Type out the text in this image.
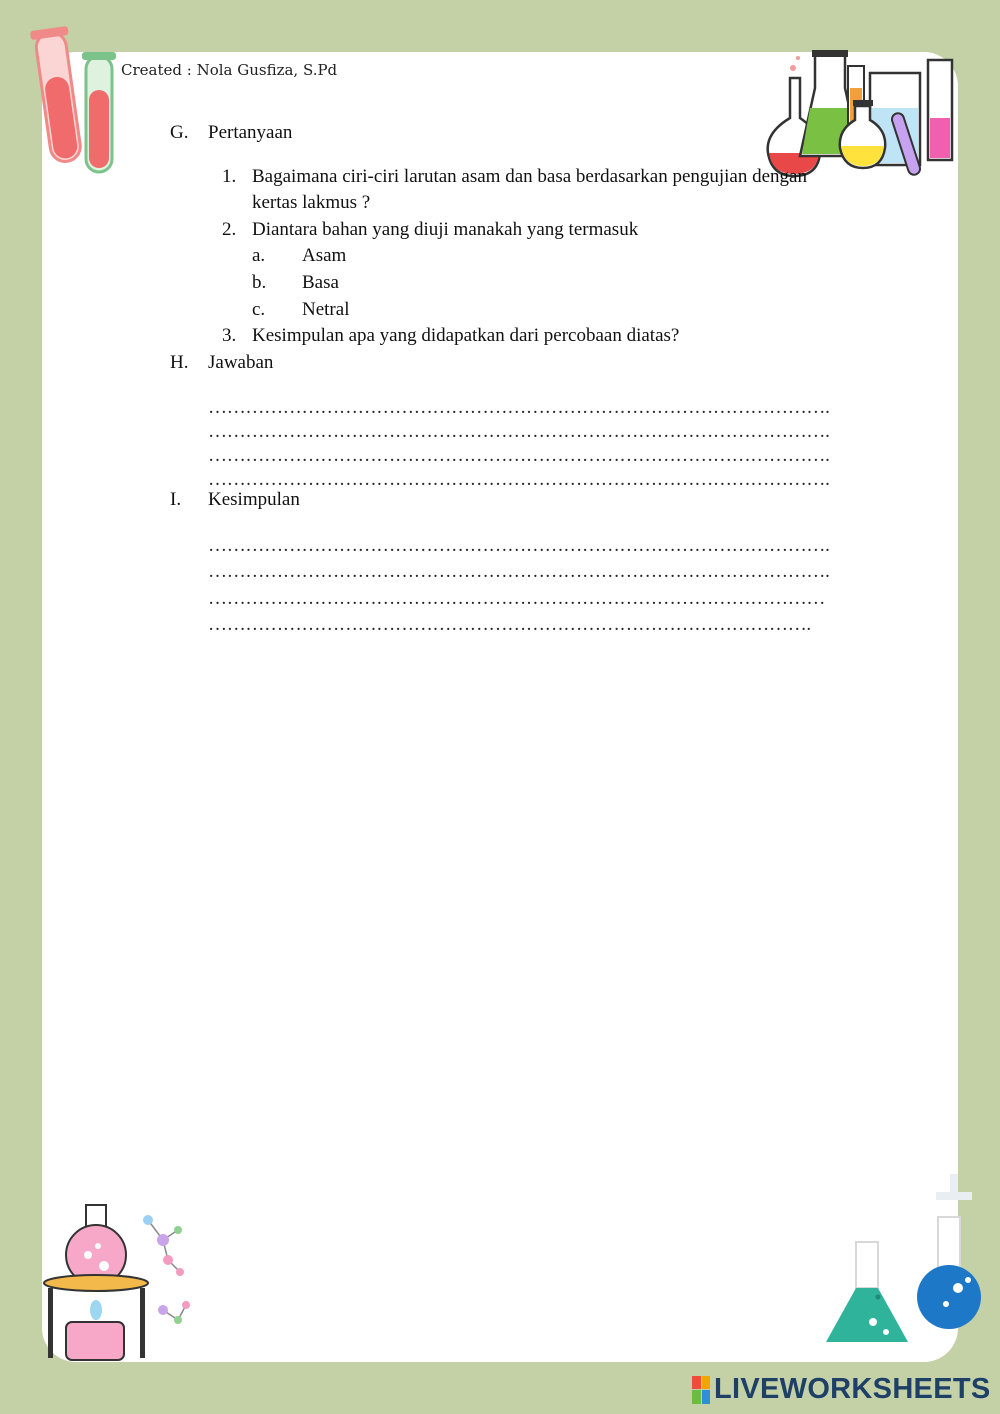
Created : Nola Gusfiza, S.Pd
G. Pertanyaan
1. Bagaimana ciri-ciri larutan asam dan basa berdasarkan pengujian dengan
kertas lakmus ?
2. Diantara bahan yang diuji manakah yang termasuk
a. Asam
b. Basa
c. Netral
3. Kesimpulan apa yang didapatkan dari percobaan diatas?
H. Jawaban
……………………………………………………………………………………….
……………………………………………………………………………………….
……………………………………………………………………………………….
……………………………………………………………………………………….
I. Kesimpulan
……………………………………………………………………………………….
……………………………………………………………………………………….
………………………………………………………………………………………
…………………………………………………………………………………….
LIVEWORKSHEETS
